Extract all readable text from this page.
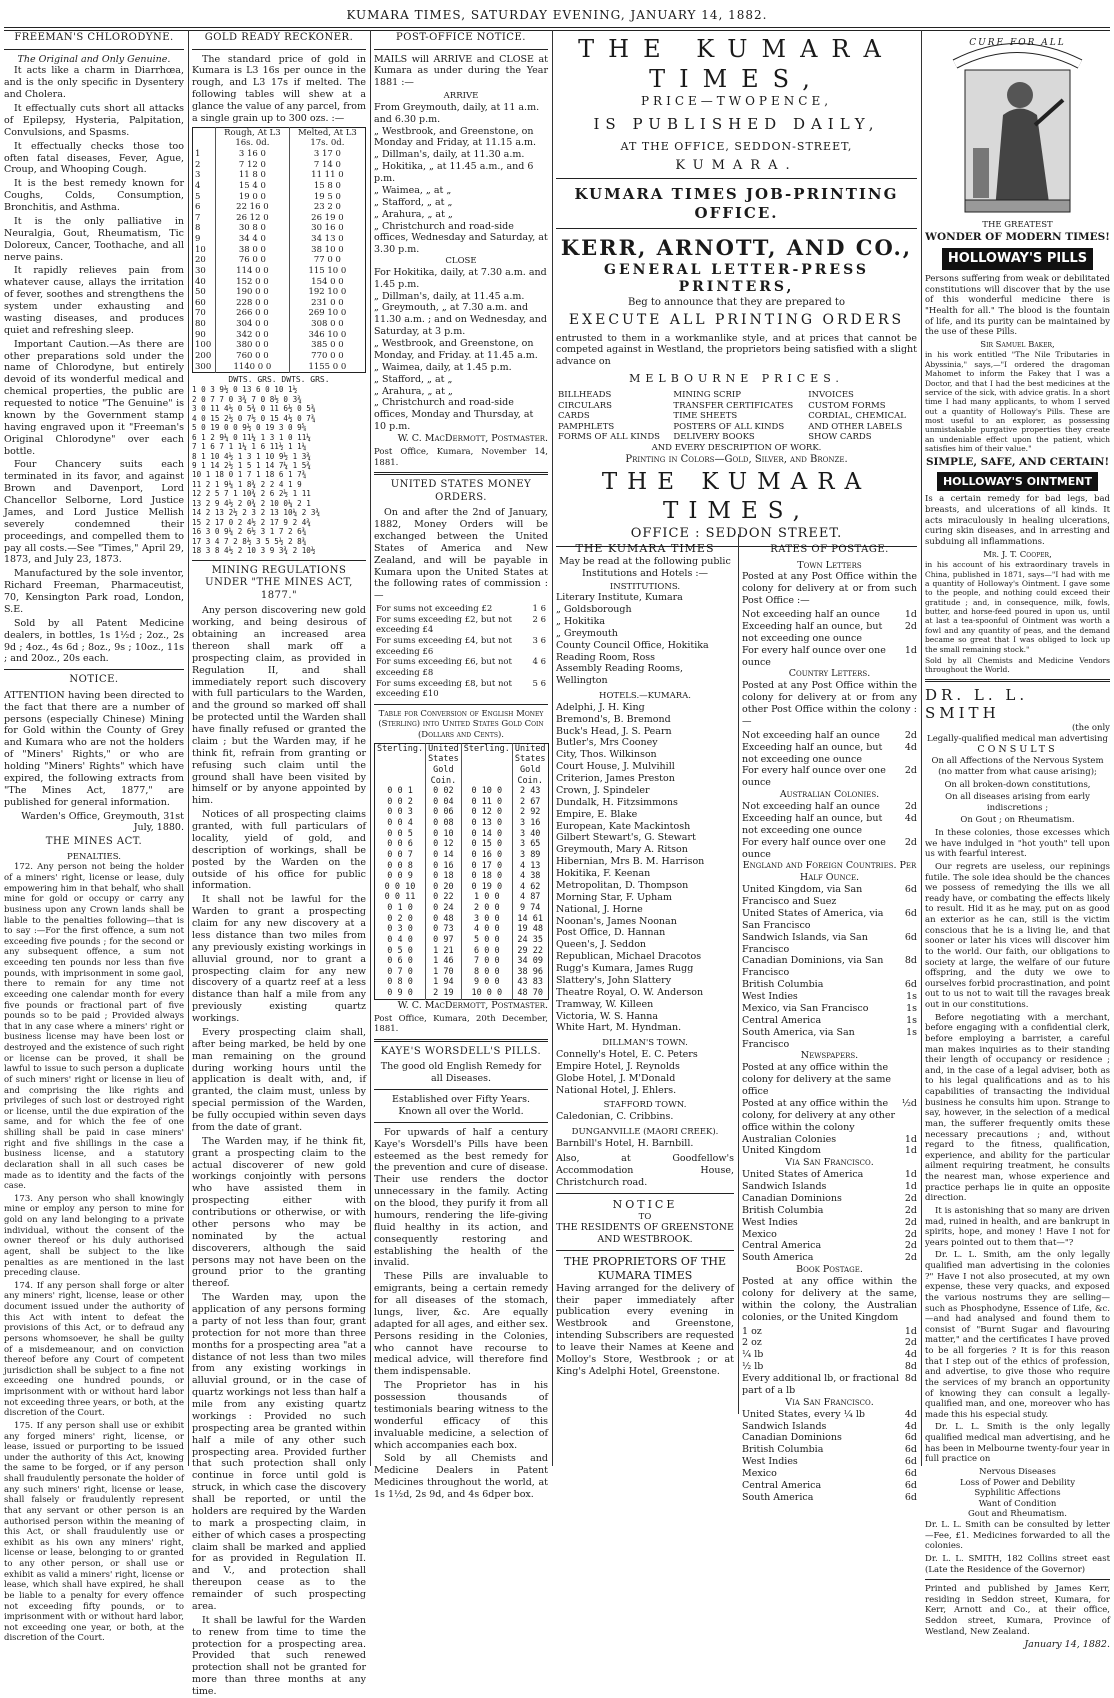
KUMARA TIMES, SATURDAY EVENING, JANUARY 14, 1882.
FREEMAN'S CHLORODYNE.
The Original and Only Genuine.

It acts like a charm in Diarrhœa, and is the only specific in Dysentery and Cholera.

It effectually cuts short all attacks of Epilepsy, Hysteria, Palpitation, Convulsions, and Spasms.

It effectually checks those too often fatal diseases, Fever, Ague, Croup, and Whooping Cough.

It is the best remedy known for Coughs, Colds, Consumption, Bronchitis, and Asthma.

It is the only palliative in Neuralgia, Gout, Rheumatism, Tic Doloreux, Cancer, Toothache, and all nerve pains.

It rapidly relieves pain from whatever cause, allays the irritation of fever, soothes and strengthens the system under exhausting and wasting diseases, and produces quiet and refreshing sleep.

Important Caution.—As there are other preparations sold under the name of Chlorodyne, but entirely devoid of its wonderful medical and chemical properties, the public are requested to notice "The Genuine" is known by the Government stamp having engraved upon it "Freeman's Original Chlorodyne" over each bottle.

Four Chancery suits each terminated in its favor, and against Brown and Davenport, Lord Chancellor Selborne, Lord Justice James, and Lord Justice Mellish severely condemned their proceedings, and compelled them to pay all costs.—See "Times," April 29, 1873, and July 23, 1873.

Manufactured by the sole inventor, Richard Freeman, Pharmaceutist, 70, Kensington Park road, London, S.E.

Sold by all Patent Medicine dealers, in bottles, 1s 1½d ; 2oz., 2s 9d ; 4oz., 4s 6d ; 8oz., 9s ; 10oz., 11s ; and 20oz., 20s each.

NOTICE.

ATTENTION having been directed to the fact that there are a number of persons (especially Chinese) Mining for Gold within the County of Grey and Kumara who are not the holders of "Miners' Rights," or who are holding "Miners' Rights" which have expired, the following extracts from "The Mines Act, 1877," are published for general information.

Warden's Office, Greymouth, 31st July, 1880.

THE MINES ACT.
PENALTIES.

172. Any person not being the holder of a miners' right, license or lease, duly empowering him in that behalf, who shall mine for gold or occupy or carry any business upon any Crown lands shall be liable to the penalties following—that is to say :—For the first offence, a sum not exceeding five pounds ; for the second or any subsequent offence, a sum not exceeding ten pounds nor less than five pounds, with imprisonment in some gaol, there to remain for any time not exceeding one calendar month for every five pounds or fractional part of five pounds so to be paid ; Provided always that in any case where a miners' right or business license may have been lost or destroyed and the existence of such right or license can be proved, it shall be lawful to issue to such person a duplicate of such miners' right or license in lieu of and comprising the like rights and privileges of such lost or destroyed right or license, until the due expiration of the same, and for which the fee of one shilling shall be paid in case miners' right and five shillings in the case a business license, and a statutory declaration shall in all such cases be made as to identity and the facts of the case.

173. Any person who shall knowingly mine or employ any person to mine for gold on any land belonging to a private individual, without the consent of the owner thereof or his duly authorised agent, shall be subject to the like penalties as are mentioned in the last preceding clause.

174. If any person shall forge or alter any miners' right, license, lease or other document issued under the authority of this Act with intent to defeat the provisions of this Act, or to defraud any persons whomsoever, he shall be guilty of a misdemeanour, and on conviction thereof before any Court of competent jurisdiction shall be subject to a fine not exceeding one hundred pounds, or imprisonment with or without hard labor not exceeding three years, or both, at the discretion of the Court.

175. If any person shall use or exhibit any forged miners' right, license, or lease, issued or purporting to be issued under the authority of this Act, knowing the same to be forged, or if any person shall fraudulently personate the holder of any such miners' right, license or lease, shall falsely or fraudulently represent that any servant or other person is an authorised person within the meaning of this Act, or shall fraudulently use or exhibit as his own any miners' right, license or lease, belonging to or granted to any other person, or shall use or exhibit as valid a miners' right, license or lease, which shall have expired, he shall be liable to a penalty for every offence not exceeding fifty pounds, or to imprisonment with or without hard labor, not exceeding one year, or both, at the discretion of the Court.

GOLD READY RECKONER.

The standard price of gold in Kumara is L3 16s per ounce in the rough, and L3 17s if melted. The following tables will shew at a glance the value of any parcel, from a single grain up to 300 ozs. :—

	Rough, At L3 16s. 0d.	Melted, At L3 17s. 0d.
1	3 16 0	3 17 0
2	7 12 0	7 14 0
3	11 8 0	11 11 0
4	15 4 0	15 8 0
5	19 0 0	19 5 0
6	22 16 0	23 2 0
7	26 12 0	26 19 0
8	30 8 0	30 16 0
9	34 4 0	34 13 0
10	38 0 0	38 10 0
20	76 0 0	77 0 0
30	114 0 0	115 10 0
40	152 0 0	154 0 0
50	190 0 0	192 10 0
60	228 0 0	231 0 0
70	266 0 0	269 10 0
80	304 0 0	308 0 0
90	342 0 0	346 10 0
100	380 0 0	385 0 0
200	760 0 0	770 0 0
300	1140 0 0	1155 0 0
DWTS. GRS. DWTS. GRS.
1 0 3 9½ 0 13 6 0 10 1½
2 0 7 7 0 3¾ 7 0 8½ 0 3¾
3 0 11 4½ 0 5¾ 0 11 6½ 0 5¾
4 0 15 2½ 0 7½ 0 15 4½ 0 7¾
5 0 19 0 0 9½ 0 19 3 0 9⅝
6 1 2 9¼ 0 11¼ 1 3 1 0 11¼
7 1 6 7 1 1¼ 1 6 11½ 1 1¼
8 1 10 4½ 1 3 1 10 9½ 1 3¾
9 1 14 2½ 1 5 1 14 7¼ 1 5¾
10 1 18 0 1 7 1 18 6 1 7¾
11 2 1 9¼ 1 8¾ 2 2 4 1 9
12 2 5 7 1 10¾ 2 6 2½ 1 11
13 2 9 4½ 2 0¾ 2 10 0¼ 2 1
14 2 13 2½ 2 3 2 13 10¼ 2 3¾
15 2 17 0 2 4½ 2 17 9 2 4¾
16 3 0 9¼ 2 6½ 3 1 7 2 6¾
17 3 4 7 2 8½ 3 5 5½ 2 8¾
18 3 8 4½ 2 10 3 9 3¾ 2 10½
MINING REGULATIONS UNDER "THE MINES ACT, 1877."

Any person discovering new gold working, and being desirous of obtaining an increased area thereon shall mark off a prospecting claim, as provided in Regulation II, and shall immediately report such discovery with full particulars to the Warden, and the ground so marked off shall be protected until the Warden shall have finally refused or granted the claim ; but the Warden may, if he think fit, refrain from granting or refusing such claim until the ground shall have been visited by himself or by anyone appointed by him.

Notices of all prospecting claims granted, with full particulars of locality, yield of gold, and description of workings, shall be posted by the Warden on the outside of his office for public information.

It shall not be lawful for the Warden to grant a prospecting claim for any new discovery at a less distance than two miles from any previously existing workings in alluvial ground, nor to grant a prospecting claim for any new discovery of a quartz reef at a less distance than half a mile from any previously existing quartz workings.

Every prospecting claim shall, after being marked, be held by one man remaining on the ground during working hours until the application is dealt with, and, if granted, the claim must, unless by special permission of the Warden, be fully occupied within seven days from the date of grant.

The Warden may, if he think fit, grant a prospecting claim to the actual discoverer of new gold workings conjointly with persons who have assisted them in prospecting either with contributions or otherwise, or with other persons who may be nominated by the actual discoverers, although the said persons may not have been on the ground prior to the granting thereof.

The Warden may, upon the application of any persons forming a party of not less than four, grant protection for not more than three months for a prospecting area "at a distance of not less than two miles from any existing workings in alluvial ground, or in the case of quartz workings not less than half a mile from any existing quartz workings : Provided no such prospecting area be granted within half a mile of any other such prospecting area. Provided further that such protection shall only continue in force until gold is struck, in which case the discovery shall be reported, or until the holders are required by the Warden to mark a prospecting claim, in either of which cases a prospecting claim shall be marked and applied for as provided in Regulation II. and V., and protection shall thereupon cease as to the remainder of such prospecting area.

It shall be lawful for the Warden to renew from time to time the protection for a prospecting area. Provided that such renewed protection shall not be granted for more than three months at any time.

POST-OFFICE NOTICE.

MAILS will ARRIVE and CLOSE at Kumara as under during the Year 1881 :—

ARRIVE
From Greymouth, daily, at 11 a.m. and 6.30 p.m.
„ Westbrook, and Greenstone, on Monday and Friday, at 11.15 a.m.
„ Dillman's, daily, at 11.30 a.m.
„ Hokitika, „ at 11.45 a.m., and 6 p.m.
„ Waimea, „ at „
„ Stafford, „ at „
„ Arahura, „ at „
„ Christchurch and road-side offices, Wednesday and Saturday, at 3.30 p.m.
CLOSE
For Hokitika, daily, at 7.30 a.m. and 1.45 p.m.
„ Dillman's, daily, at 11.45 a.m.
„ Greymouth, „ at 7.30 a.m. and 11.30 a.m. ; and on Wednesday, and Saturday, at 3 p.m.
„ Westbrook, and Greenstone, on Monday, and Friday. at 11.45 a.m.
„ Waimea, daily, at 1.45 p.m.
„ Stafford, „ at „
„ Arahura, „ at „
„ Christchurch and road-side offices, Monday and Thursday, at 10 p.m.

W. C. MacDermott, Postmaster.

Post Office, Kumara, November 14, 1881.

UNITED STATES MONEY ORDERS.

On and after the 2nd of January, 1882, Money Orders will be exchanged between the United States of America and New Zealand, and will be payable in Kumara upon the United States at the following rates of commission :—

For sums not exceeding £2	1 6
For sums exceeding £2, but not exceeding £4	2 6
For sums exceeding £4, but not exceeding £6	3 6
For sums exceeding £6, but not exceeding £8	4 6
For sums exceeding £8, but not exceeding £10	5 6

Table for Conversion of English Money (Sterling) into United States Gold Coin (Dollars and Cents).

Sterling.	United States Gold Coin.	Sterling.	United States Gold Coin.
0 0 1	0 02	0 10 0	2 43
0 0 2	0 04	0 11 0	2 67
0 0 3	0 06	0 12 0	2 92
0 0 4	0 08	0 13 0	3 16
0 0 5	0 10	0 14 0	3 40
0 0 6	0 12	0 15 0	3 65
0 0 7	0 14	0 16 0	3 89
0 0 8	0 16	0 17 0	4 13
0 0 9	0 18	0 18 0	4 38
0 0 10	0 20	0 19 0	4 62
0 0 11	0 22	1 0 0	4 87
0 1 0	0 24	2 0 0	9 74
0 2 0	0 48	3 0 0	14 61
0 3 0	0 73	4 0 0	19 48
0 4 0	0 97	5 0 0	24 35
0 5 0	1 21	6 0 0	29 22
0 6 0	1 46	7 0 0	34 09
0 7 0	1 70	8 0 0	38 96
0 8 0	1 94	9 0 0	43 83
0 9 0	2 19	10 0 0	48 70

W. C. MacDermott, Postmaster.

Post Office, Kumara, 20th December, 1881.

KAYE'S WORSDELL'S PILLS.

The good old English Remedy for all Diseases.

Established over Fifty Years. Known all over the World.

For upwards of half a century Kaye's Worsdell's Pills have been esteemed as the best remedy for the prevention and cure of disease. Their use renders the doctor unnecessary in the family. Acting on the blood, they purify it from all humours, rendering the life-giving fluid healthy in its action, and consequently restoring and establishing the health of the invalid.

These Pills are invaluable to emigrants, being a certain remedy for all diseases of the stomach, lungs, liver, &c. Are equally adapted for all ages, and either sex. Persons residing in the Colonies, who cannot have recourse to medical advice, will therefore find them indispensable.

The Proprietor has in his possession thousands of testimonials bearing witness to the wonderful efficacy of this invaluable medicine, a selection of which accompanies each box.

Sold by all Chemists and Medicine Dealers in Patent Medicines throughout the world, at 1s 1½d, 2s 9d, and 4s 6dper box.

THE KUMARA TIMES,
PRICE—TWOPENCE,
IS PUBLISHED DAILY,
AT THE OFFICE, SEDDON-STREET,
KUMARA.
KUMARA TIMES JOB-PRINTING OFFICE.
KERR, ARNOTT, AND CO.,
GENERAL LETTER-PRESS PRINTERS,
Beg to announce that they are prepared to
EXECUTE ALL PRINTING ORDERS

entrusted to them in a workmanlike style, and at prices that cannot be competed against in Westland, the proprietors being satisfied with a slight advance on

MELBOURNE PRICES.
BILLHEADS	MINING SCRIP	INVOICES
CIRCULARS	TRANSFER CERTIFICATES	CUSTOM FORMS
CARDS	TIME SHEETS	CORDIAL, CHEMICAL
PAMPHLETS	POSTERS OF ALL KINDS	AND OTHER LABELS
FORMS OF ALL KINDS	DELIVERY BOOKS	SHOW CARDS
AND EVERY DESCRIPTION OF WORK.
Printing in Colors—Gold, Silver, and Bronze.
THE KUMARA TIMES,
OFFICE : SEDDON STREET.
THE KUMARA TIMES

May be read at the following public Institutions and Hotels :—

INSTITUTIONS.
Literary Institute, Kumara
„ Goldsborough
„ Hokitika
„ Greymouth
County Council Office, Hokitika
Reading Room, Ross
Assembly Reading Rooms, Wellington
HOTELS.—KUMARA.
Adelphi, J. H. King
Bremond's, B. Bremond
Buck's Head, J. S. Pearn
Butler's, Mrs Cooney
City, Thos. Wilkinson
Court House, J. Mulvihill
Criterion, James Preston
Crown, J. Spindeler
Dundalk, H. Fitzsimmons
Empire, E. Blake
European, Kate Mackintosh
Gilbert Stewart's, G. Stewart
Greymouth, Mary A. Ritson
Hibernian, Mrs B. M. Harrison
Hokitika, F. Keenan
Metropolitan, D. Thompson
Morning Star, F. Upham
National, J. Horne
Noonan's, James Noonan
Post Office, D. Hannan
Queen's, J. Seddon
Republican, Michael Dracotos
Rugg's Kumara, James Rugg
Slattery's, John Slattery
Theatre Royal, O. W. Anderson
Tramway, W. Killeen
Victoria, W. S. Hanna
White Hart, M. Hyndman.
DILLMAN'S TOWN.
Connelly's Hotel, E. C. Peters
Empire Hotel, J. Reynolds
Globe Hotel, J. M'Donald
National Hotel, J. Ehlers.
STAFFORD TOWN.
Caledonian, C. Cribbins.
DUNGANVILLE (MAORI CREEK).
Barnbill's Hotel, H. Barnbill.

Also, at Goodfellow's Accommodation House, Christchurch road.

NOTICE
TO
THE RESIDENTS OF GREENSTONE AND WESTBROOK.
THE PROPRIETORS OF THE KUMARA TIMES

Having arranged for the delivery of their paper immediately after publication every evening in Westbrook and Greenstone, intending Subscribers are requested to leave their Names at Keene and Molloy's Store, Westbrook ; or at King's Adelphi Hotel, Greenstone.

RATES OF POSTAGE.
Town Letters

Posted at any Post Office within the colony for delivery at or from such Post Office :—

Not exceeding half an ounce	1d
Exceeding half an ounce, but not exceeding one ounce
2d
For every half ounce over one ounce
1d
Country Letters.

Posted at any Post Office within the colony for delivery at or from any other Post Office within the colony :—

Not exceeding half an ounce	2d
Exceeding half an ounce, but not exceeding one ounce
4d
For every half ounce over one ounce
2d
Australian Colonies.
Not exceeding half an ounce	2d
Exceeding half an ounce, but not exceeding one ounce
4d
For every half ounce over one ounce
2d
England and Foreign Countries. Per Half Ounce.
United Kingdom, via San Francisco and Suez
6d
United States of America, via San Francisco
6d
Sandwich Islands, via San Francisco
6d
Canadian Dominions, via San Francisco
8d
British Columbia	6d
West Indies	1s
Mexico, via San Francisco	1s
Central America	1s
South America, via San Francisco
1s
Newspapers.
Posted at any office within the colony for delivery at the same office
Posted at any office within the colony, for delivery at any other office within the colony
½d
Australian Colonies	1d
United Kingdom	1d
Via San Francisco.
United States of America	1d
Sandwich Islands	1d
Canadian Dominions	2d
British Columbia	2d
West Indies	2d
Mexico	2d
Central America	2d
South America	2d
Book Postage.

Posted at any office within the colony for delivery at the same, within the colony, the Australian colonies, or the United Kingdom

1 oz	1d
2 oz	2d
¼ lb	4d
½ lb	8d
Every additional lb, or fractional part of a lb
8d
Via San Francisco.
United States, every ¼ lb	4d
Sandwich Islands	4d
Canadian Dominions	6d
British Columbia	6d
West Indies	6d
Mexico	6d
Central America	6d
South America	6d
CURE FOR ALL
THE GREATEST
WONDER OF MODERN TIMES!
HOLLOWAY'S PILLS

Persons suffering from weak or debilitated constitutions will discover that by the use of this wonderful medicine there is "Health for all." The blood is the fountain of life, and its purity can be maintained by the use of these Pills.

Sir Samuel Baker,

in his work entitled "The Nile Tributaries in Abyssinia," says,—"I ordered the dragoman Mahomet to inform the Fakey that I was a Doctor, and that I had the best medicines at the service of the sick, with advice gratis. In a short time I had many applicants, to whom I served out a quantity of Holloway's Pills. These are most useful to an explorer, as possessing unmistakable purgative properties they create an undeniable effect upon the patient, which satisfies him of their value."

SIMPLE, SAFE, AND CERTAIN!
HOLLOWAY'S OINTMENT

Is a certain remedy for bad legs, bad breasts, and ulcerations of all kinds. It acts miraculously in healing ulcerations, curing skin diseases, and in arresting and subduing all inflammations.

Mr. J. T. Cooper,

in his account of his extraordinary travels in China, published in 1871, says—"I had with me a quantity of Holloway's Ointment. I gave some to the people, and nothing could exceed their gratitude ; and, in consequence, milk, fowls, butter, and horse-feed poured in upon us, until at last a tea-spoonful of Ointment was worth a fowl and any quantity of peas, and the demand became so great that I was obliged to lock up the small remaining stock."

Sold by all Chemists and Medicine Vendors throughout the World.

DR. L. L. SMITH
(the only
Legally-qualified medical man advertising
CONSULTS

On all Affections of the Nervous System (no matter from what cause arising);

On all broken-down constitutions,

On all diseases arising from early indiscretions ;

On Gout ; on Rheumatism.

In these colonies, those excesses which we have indulged in "hot youth" tell upon us with fearful interest.

Our regrets are useless, our repinings futile. The sole idea should be the chances we possess of remedying the ills we all ready have, or combating the effects likely to result. Hid it as he may, put on as good an exterior as he can, still is the victim conscious that he is a living lie, and that sooner or later his vices will discover him to the world. Our faith, our obligations to society at large, the welfare of our future offspring, and the duty we owe to ourselves forbid procrastination, and point out to us not to wait till the ravages break out in our constitutions.

Before negotiating with a merchant, before engaging with a confidential clerk, before employing a barrister, a careful man makes inquiries as to their standing their length of occupancy or residence ; and, in the case of a legal adviser, both as to his legal qualifications and as to his capabilities of transacting the individual business he consults him upon. Strange to say, however, in the selection of a medical man, the sufferer frequently omits these necessary precautions ; and, without regard to the fitness, qualification, experience, and ability for the particular ailment requiring treatment, he consults the nearest man, whose experience and practice perhaps lie in quite an opposite direction.

It is astonishing that so many are driven mad, ruined in health, and are bankrupt in spirits, hope, and money ! Have I not for years pointed out to them that—"?

Dr. L. L. Smith, am the only legally qualified man advertising in the colonies ?" Have I not also prosecuted, at my own expense, these very quacks, and exposed the various nostrums they are selling—such as Phosphodyne, Essence of Life, &c.—and had analysed and found them to consist of "Burnt Sugar and flavouring matter," and the certificates I have proved to be all forgeries ? It is for this reason that I step out of the ethics of profession, and advertise, to give those who require the services of my branch an opportunity of knowing they can consult a legally-qualified man, and one, moreover who has made this his especial study.

Dr. L. L. Smith is the only legally qualified medical man advertising, and he has been in Melbourne twenty-four year in full practice on

Nervous Diseases
Loss of Power and Debility
Syphilitic Affections
Want of Condition
Gout and Rheumatism.

Dr. L. L. Smith can be consulted by letter—Fee, £1. Medicines forwarded to all the colonies.

Dr. L. L. SMITH, 182 Collins street east (Late the Residence of the Governor)

Printed and published by James Kerr, residing in Seddon street, Kumara, for Kerr, Arnott and Co., at their office, Seddon street, Kumara, Province of Westland, New Zealand.

January 14, 1882.
